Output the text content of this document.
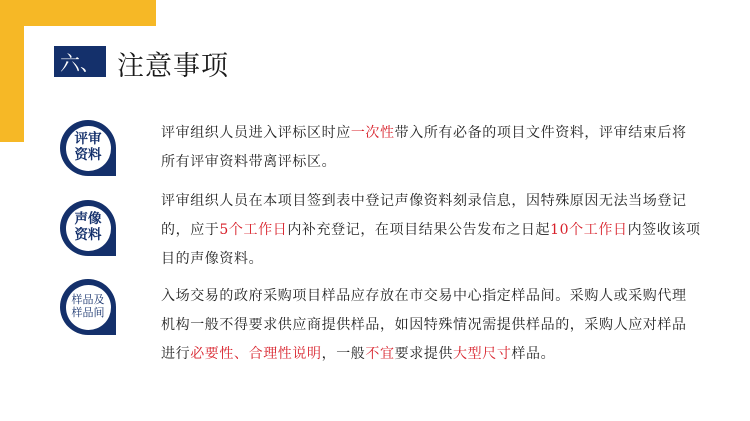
六、 注意事项
评审
资料
评审组织人员进入评标区时应一次性带入所有必备的项目文件资料，评审结束后将所有评审资料带离评标区。
声像
资料
评审组织人员在本项目签到表中登记声像资料刻录信息，因特殊原因无法当场登记的，应于5个工作日内补充登记，在项目结果公告发布之日起10个工作日内签收该项目的声像资料。
样品及
样品间
入场交易的政府采购项目样品应存放在市交易中心指定样品间。采购人或采购代理机构一般不得要求供应商提供样品，如因特殊情况需提供样品的，采购人应对样品进行必要性、合理性说明，一般不宜要求提供大型尺寸样品。
